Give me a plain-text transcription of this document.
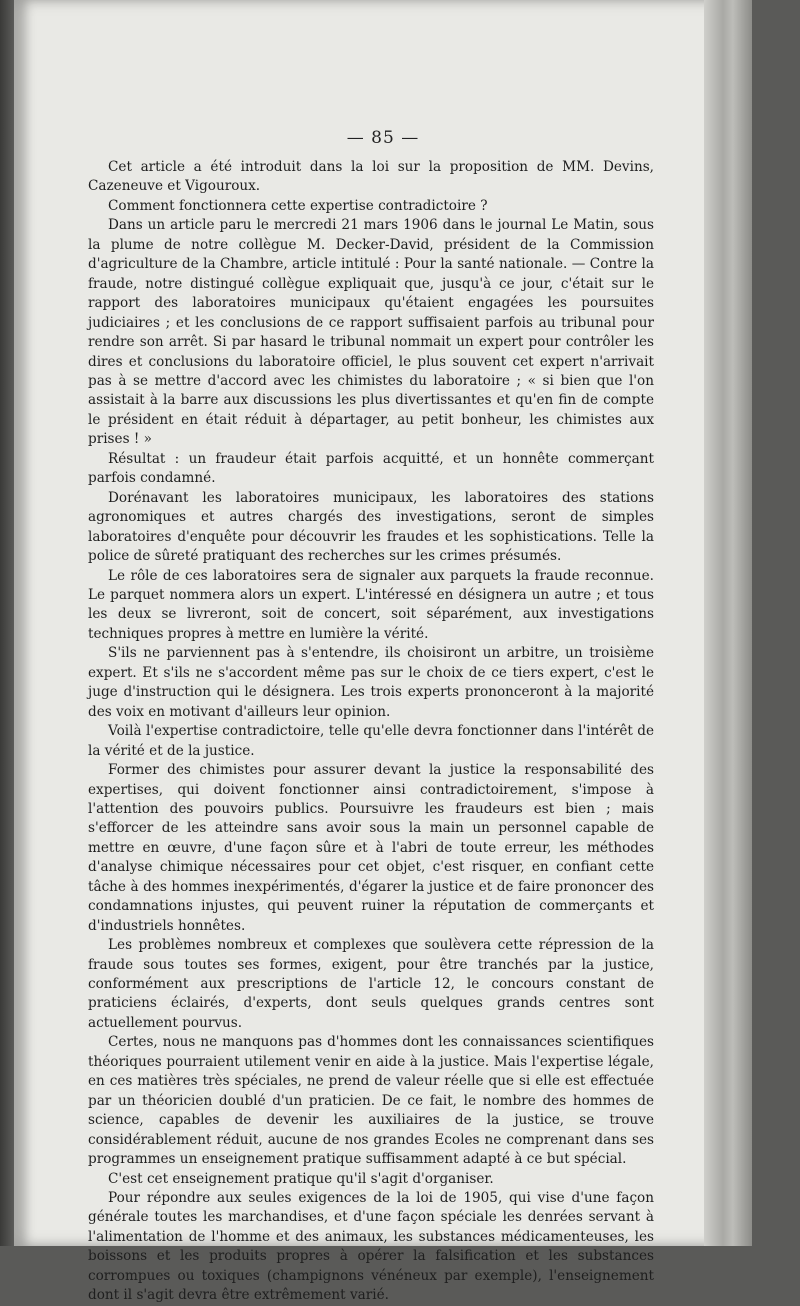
— 85 —

Cet article a été introduit dans la loi sur la proposition de MM. Devins, Cazeneuve et Vigouroux.

Comment fonctionnera cette expertise contradictoire ?

Dans un article paru le mercredi 21 mars 1906 dans le journal Le Matin, sous la plume de notre collègue M. Decker-David, président de la Commission d'agriculture de la Chambre, article intitulé : Pour la santé nationale. — Contre la fraude, notre distingué collègue expliquait que, jusqu'à ce jour, c'était sur le rapport des laboratoires municipaux qu'étaient engagées les poursuites judiciaires ; et les conclusions de ce rapport suffisaient parfois au tribunal pour rendre son arrêt. Si par hasard le tribunal nommait un expert pour contrôler les dires et conclusions du laboratoire officiel, le plus souvent cet expert n'arrivait pas à se mettre d'accord avec les chimistes du laboratoire ; « si bien que l'on assistait à la barre aux discussions les plus divertissantes et qu'en fin de compte le président en était réduit à départager, au petit bonheur, les chimistes aux prises ! »

Résultat : un fraudeur était parfois acquitté, et un honnête commerçant parfois condamné.

Dorénavant les laboratoires municipaux, les laboratoires des stations agronomiques et autres chargés des investigations, seront de simples laboratoires d'enquête pour découvrir les fraudes et les sophistications. Telle la police de sûreté pratiquant des recherches sur les crimes présumés.

Le rôle de ces laboratoires sera de signaler aux parquets la fraude reconnue. Le parquet nommera alors un expert. L'intéressé en désignera un autre ; et tous les deux se livreront, soit de concert, soit séparément, aux investigations techniques propres à mettre en lumière la vérité.

S'ils ne parviennent pas à s'entendre, ils choisiront un arbitre, un troisième expert. Et s'ils ne s'accordent même pas sur le choix de ce tiers expert, c'est le juge d'instruction qui le désignera. Les trois experts prononceront à la majorité des voix en motivant d'ailleurs leur opinion.

Voilà l'expertise contradictoire, telle qu'elle devra fonctionner dans l'intérêt de la vérité et de la justice.

Former des chimistes pour assurer devant la justice la responsabilité des expertises, qui doivent fonctionner ainsi contradictoirement, s'impose à l'attention des pouvoirs publics. Poursuivre les fraudeurs est bien ; mais s'efforcer de les atteindre sans avoir sous la main un personnel capable de mettre en œuvre, d'une façon sûre et à l'abri de toute erreur, les méthodes d'analyse chimique nécessaires pour cet objet, c'est risquer, en confiant cette tâche à des hommes inexpérimentés, d'égarer la justice et de faire prononcer des condamnations injustes, qui peuvent ruiner la réputation de commerçants et d'industriels honnêtes.

Les problèmes nombreux et complexes que soulèvera cette répression de la fraude sous toutes ses formes, exigent, pour être tranchés par la justice, conformément aux prescriptions de l'article 12, le concours constant de praticiens éclairés, d'experts, dont seuls quelques grands centres sont actuellement pourvus.

Certes, nous ne manquons pas d'hommes dont les connaissances scientifiques théoriques pourraient utilement venir en aide à la justice. Mais l'expertise légale, en ces matières très spéciales, ne prend de valeur réelle que si elle est effectuée par un théoricien doublé d'un praticien. De ce fait, le nombre des hommes de science, capables de devenir les auxiliaires de la justice, se trouve considérablement réduit, aucune de nos grandes Ecoles ne comprenant dans ses programmes un enseignement pratique suffisamment adapté à ce but spécial.

C'est cet enseignement pratique qu'il s'agit d'organiser.

Pour répondre aux seules exigences de la loi de 1905, qui vise d'une façon générale toutes les marchandises, et d'une façon spéciale les denrées servant à l'alimentation de l'homme et des animaux, les substances médicamenteuses, les boissons et les produits propres à opérer la falsification et les substances corrompues ou toxiques (champignons vénéneux par exemple), l'enseignement dont il s'agit devra être extrêmement varié.
